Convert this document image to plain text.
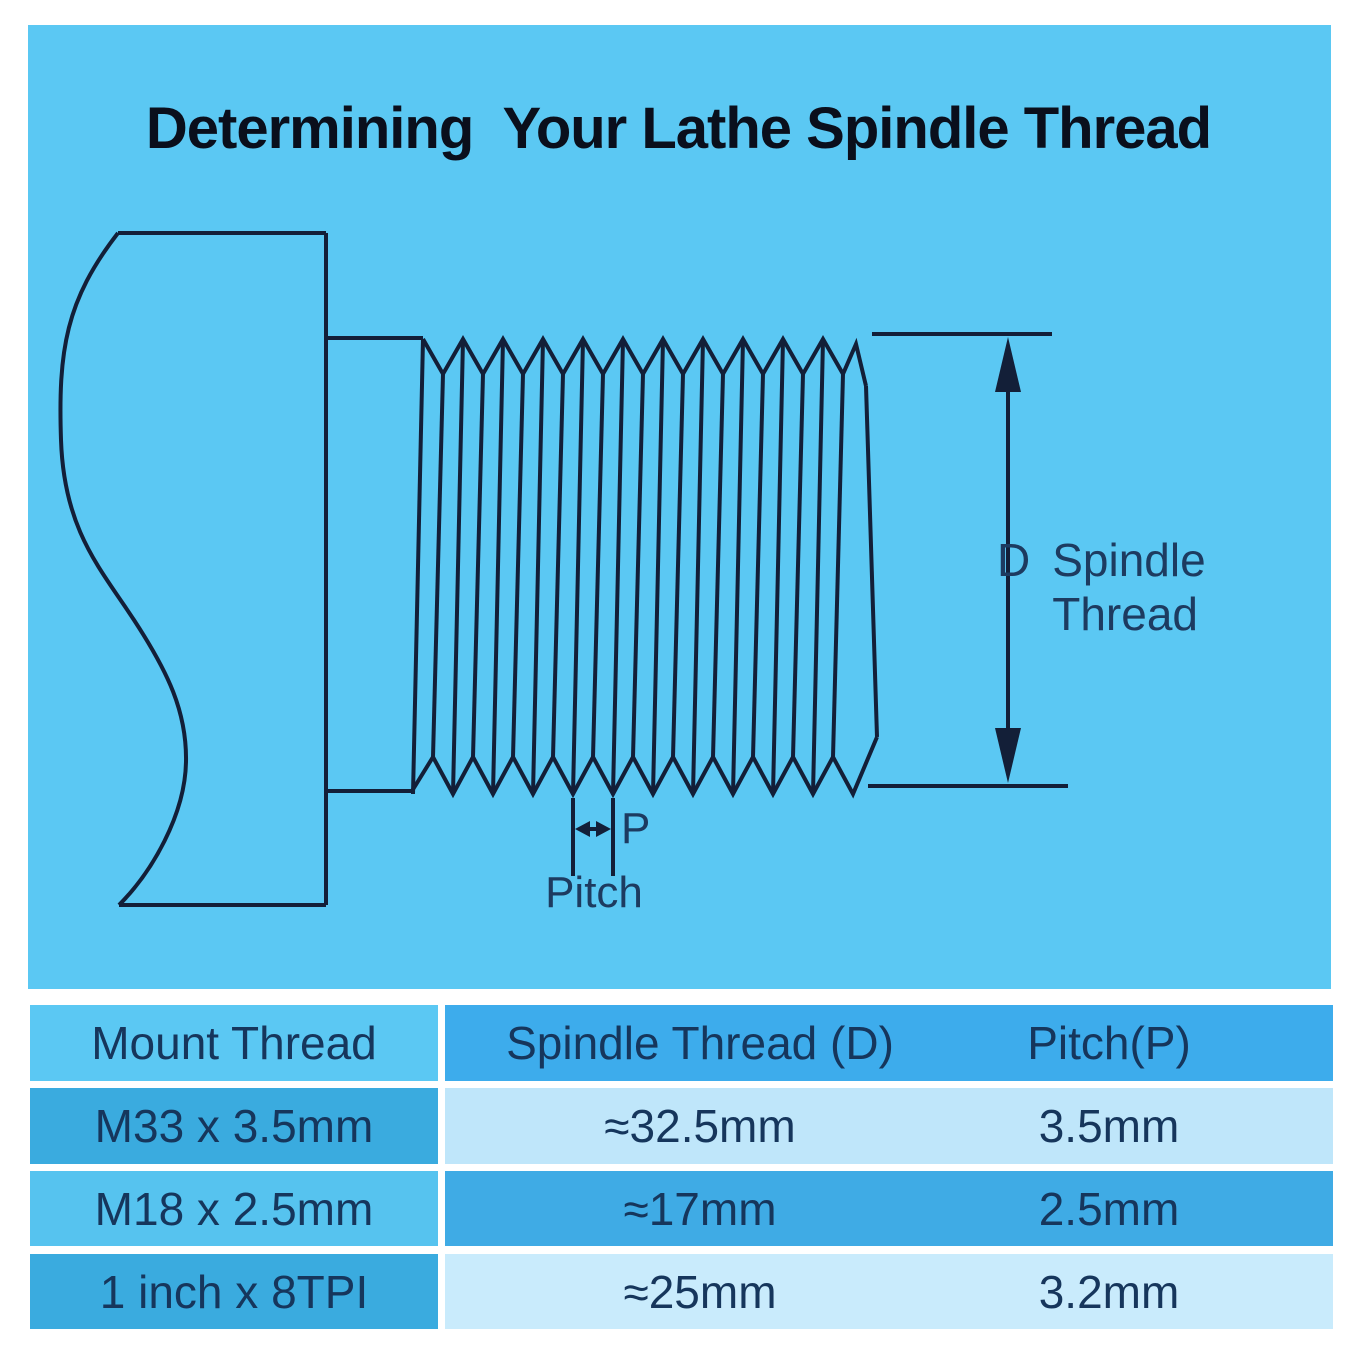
Determining  Your Lathe Spindle Thread
D Spindle Thread
P
Pitch
Mount Thread	Spindle Thread (D)	Pitch(P)
M33 x 3.5mm	≈32.5mm	3.5mm
M18 x 2.5mm	≈17mm	2.5mm
1 inch x 8TPI	≈25mm	3.2mm
